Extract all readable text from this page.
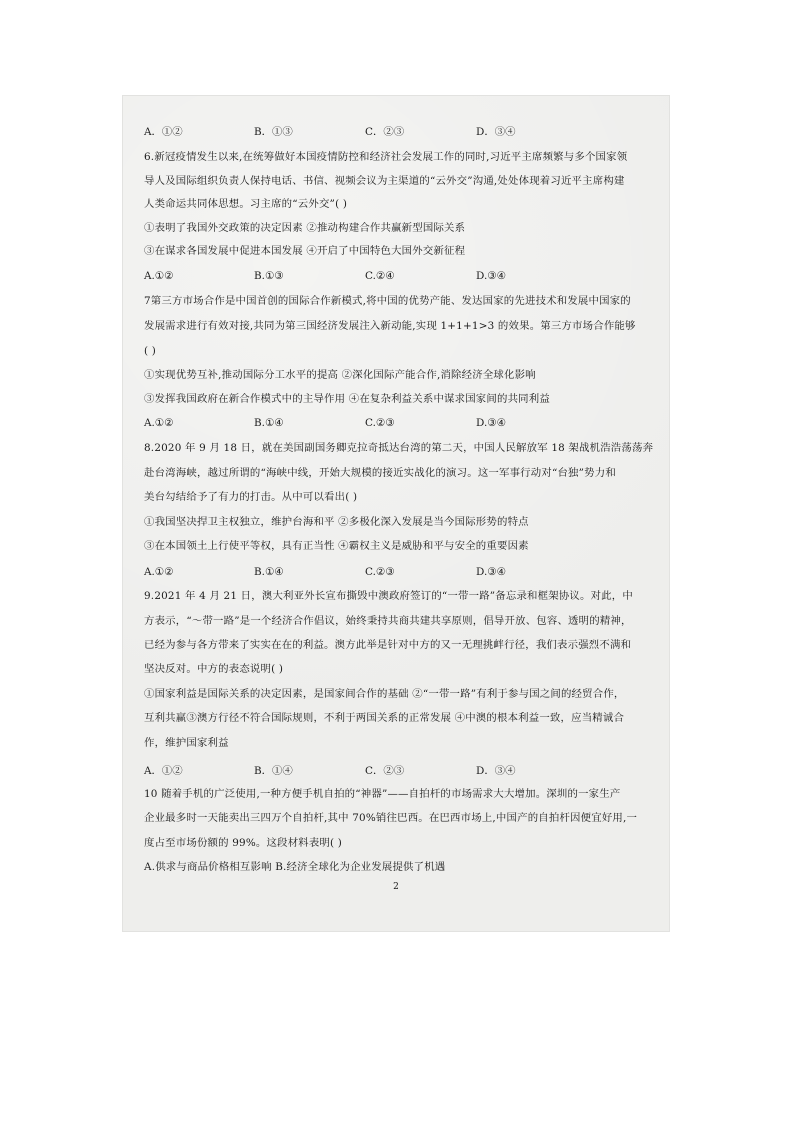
A．①②	B．①③	C．②③	D．③④
6.新冠疫情发生以来,在统筹做好本国疫情防控和经济社会发展工作的同时,习近平主席频繁与多个国家领
导人及国际组织负责人保持电话、书信、视频会议为主渠道的“云外交”沟通,处处体现着习近平主席构建
人类命运共同体思想。习主席的“云外交”( )
①表明了我国外交政策的决定因素 ②推动构建合作共赢新型国际关系
③在谋求各国发展中促进本国发展 ④开启了中国特色大国外交新征程
A.①②	B.①③	C.②④	D.③④
7第三方市场合作是中国首创的国际合作新模式,将中国的优势产能、发达国家的先进技术和发展中国家的
发展需求进行有效对接,共同为第三国经济发展注入新动能,实现 1+1+1>3 的效果。第三方市场合作能够
( )
①实现优势互补,推动国际分工水平的提高 ②深化国际产能合作,消除经济全球化影响
③发挥我国政府在新合作模式中的主导作用 ④在复杂利益关系中谋求国家间的共同利益
A.①②	B.①④	C.②③	D.③④
8.2020 年 9 月 18 日，就在美国副国务卿克拉奇抵达台湾的第二天，中国人民解放军 18 架战机浩浩荡荡奔
赴台湾海峡，越过所谓的“海峡中线，开始大规模的接近实战化的演习。这一军事行动对“台独”势力和
美台勾结给予了有力的打击。从中可以看出( )
①我国坚决捍卫主权独立，维护台海和平 ②多极化深入发展是当今国际形势的特点
③在本国领土上行使平等权，具有正当性 ④霸权主义是威胁和平与安全的重要因素
A.①②	B.①④	C.②③	D.③④
9.2021 年 4 月 21 日，澳大利亚外长宣布撕毁中澳政府签订的“一带一路”备忘录和框架协议。对此，中
方表示，“～带一路”是一个经济合作倡议，始终秉持共商共建共享原则，倡导开放、包容、透明的精神，
已经为参与各方带来了实实在在的利益。澳方此举是针对中方的又一无理挑衅行径，我们表示强烈不满和
坚决反对。中方的表态说明( )
①国家利益是国际关系的决定因素，是国家间合作的基础 ②“一带一路”有利于参与国之间的经贸合作，
互利共赢③澳方行径不符合国际规则，不利于两国关系的正常发展 ④中澳的根本利益一致，应当精诚合
作，维护国家利益
A．①②	B．①④	C．②③	D．③④
10 随着手机的广泛使用,一种方便手机自拍的“神器”——自拍杆的市场需求大大增加。深圳的一家生产
企业最多时一天能卖出三四万个自拍杆,其中 70%销往巴西。在巴西市场上,中国产的自拍杆因便宜好用,一
度占至市场份额的 99%。这段材料表明( )
A.供求与商品价格相互影响 B.经济全球化为企业发展提供了机遇
2
